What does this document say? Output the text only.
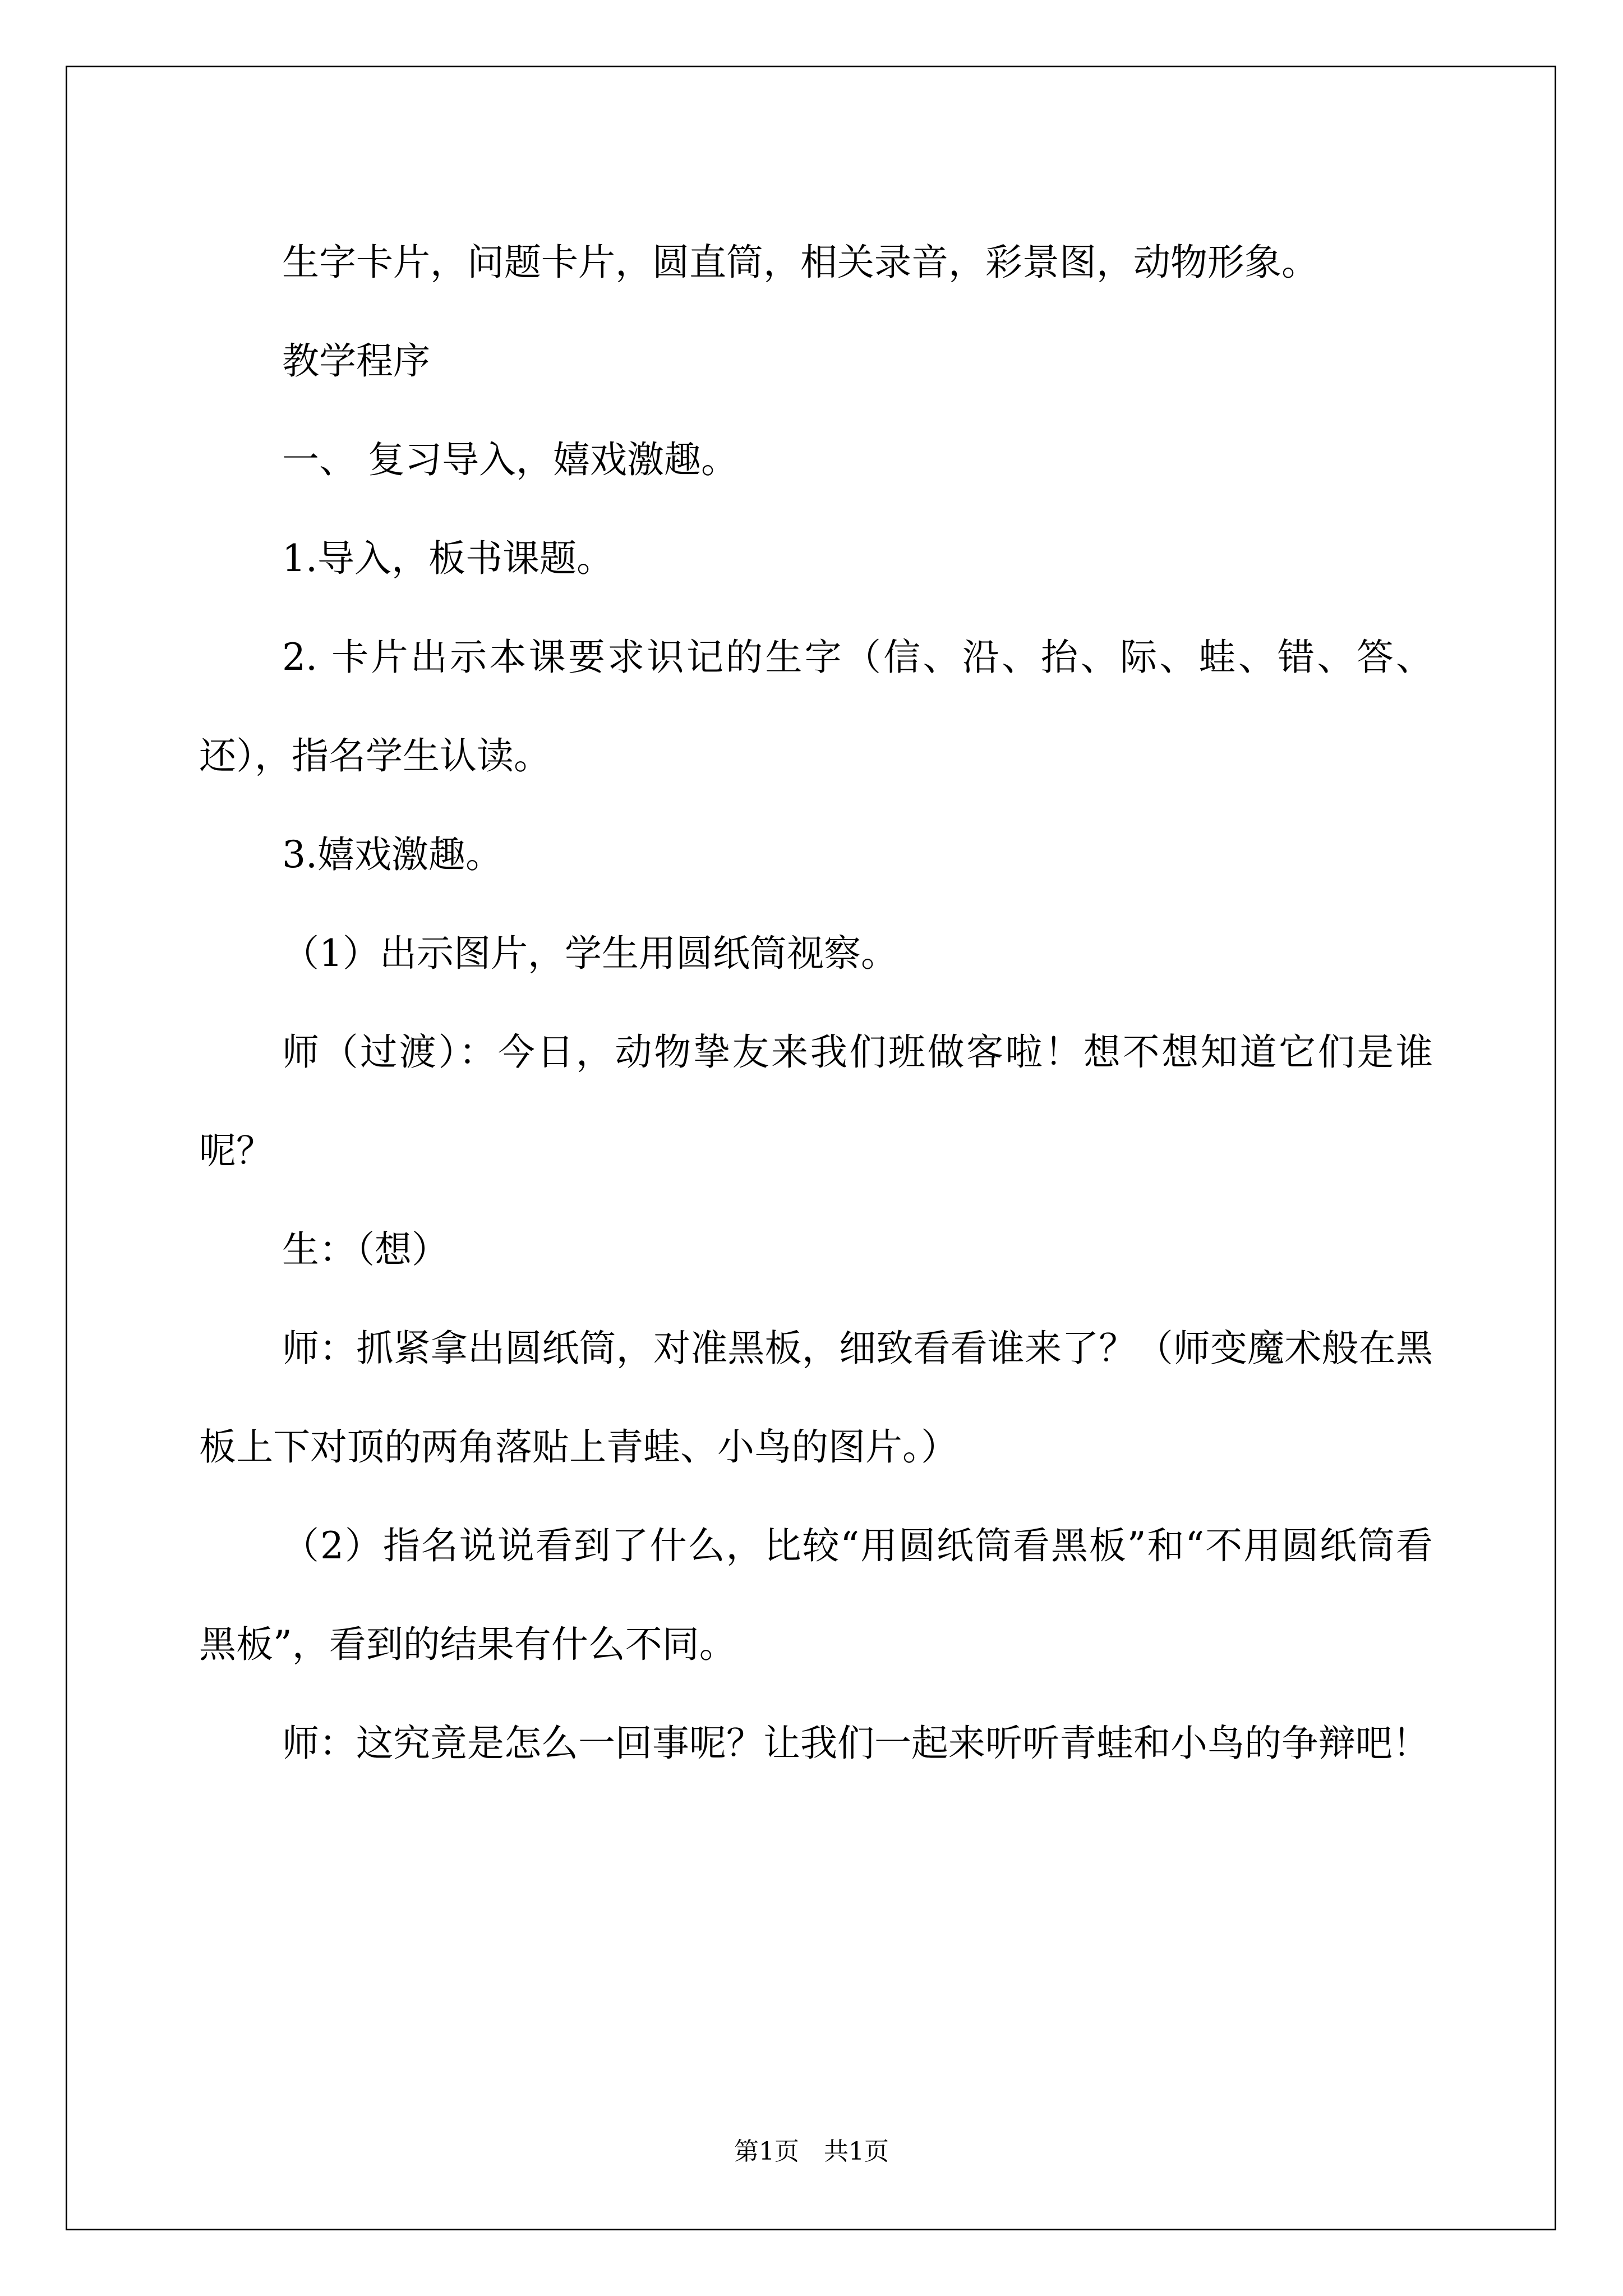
生字卡片，问题卡片，圆直筒，相关录音，彩景图，动物形象。

教学程序

一、 复习导入，嬉戏激趣。

1.导入，板书课题。

2. 卡片出示本课要求识记的生字（信、沿、抬、际、蛙、错、答、还），指名学生认读。

3.嬉戏激趣。

（1）出示图片，学生用圆纸筒视察。

师（过渡）：今日，动物挚友来我们班做客啦！想不想知道它们是谁呢？

生：（想）

师：抓紧拿出圆纸筒，对准黑板，细致看看谁来了？（师变魔术般在黑板上下对顶的两角落贴上青蛙、小鸟的图片。）

（2）指名说说看到了什么，比较“用圆纸筒看黑板”和“不用圆纸筒看黑板”，看到的结果有什么不同。

师：这究竟是怎么一回事呢？让我们一起来听听青蛙和小鸟的争辩吧！

第1页　共1页
